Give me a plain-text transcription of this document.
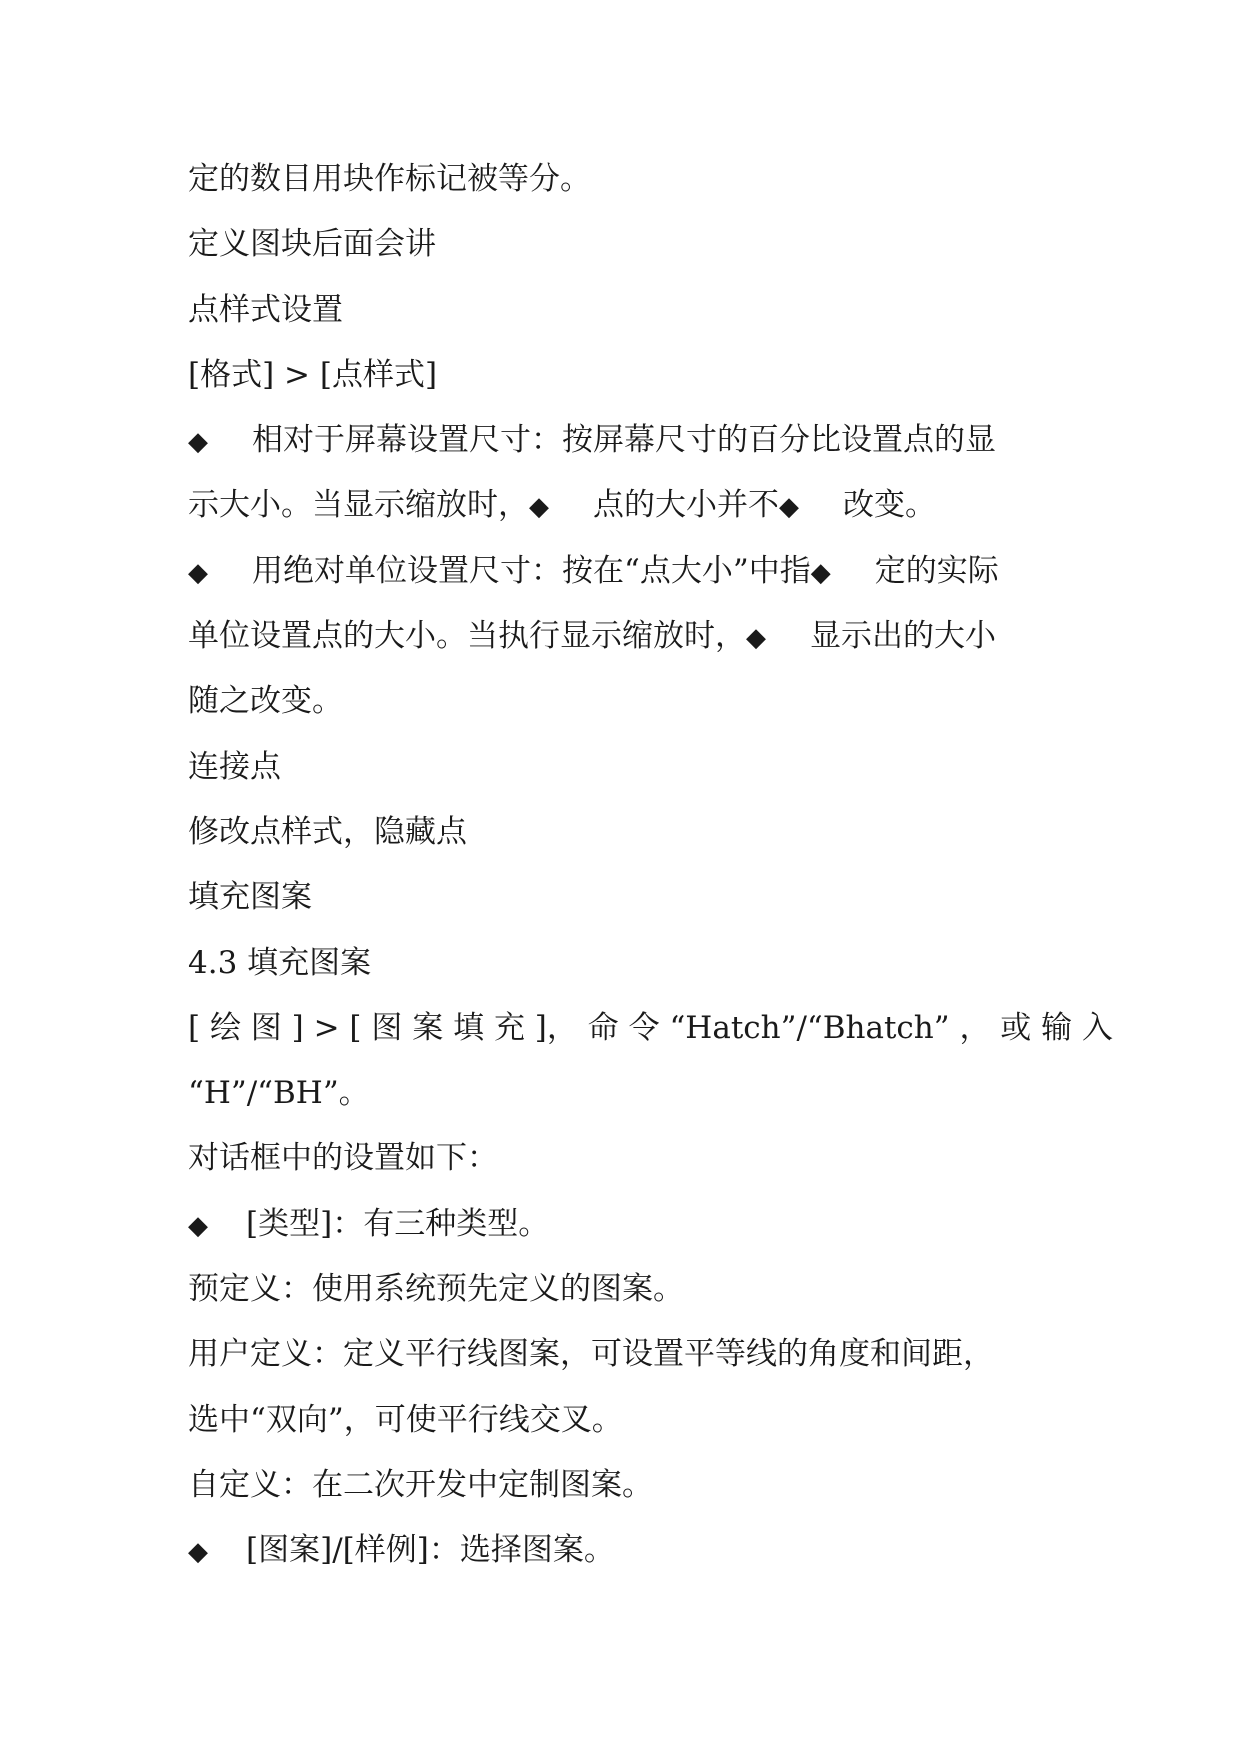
定的数目用块作标记被等分。
定义图块后面会讲
点样式设置
[格式] > [点样式]
◆ 相对于屏幕设置尺寸：按屏幕尺寸的百分比设置点的显
示大小。当显示缩放时，◆ 点的大小并不◆ 改变。
◆ 用绝对单位设置尺寸：按在“点大小”中指◆ 定的实际
单位设置点的大小。当执行显示缩放时，◆ 显示出的大小
随之改变。
连接点
修改点样式，隐藏点
填充图案
4.3 填充图案
[ 绘 图 ] > [ 图 案 填 充 ]， 命 令 “Hatch”/“Bhatch” ， 或 输 入
“H”/“BH”。
对话框中的设置如下：
◆ [类型]：有三种类型。
预定义：使用系统预先定义的图案。
用户定义：定义平行线图案，可设置平等线的角度和间距，
选中“双向”，可使平行线交叉。
自定义：在二次开发中定制图案。
◆ [图案]/[样例]：选择图案。
